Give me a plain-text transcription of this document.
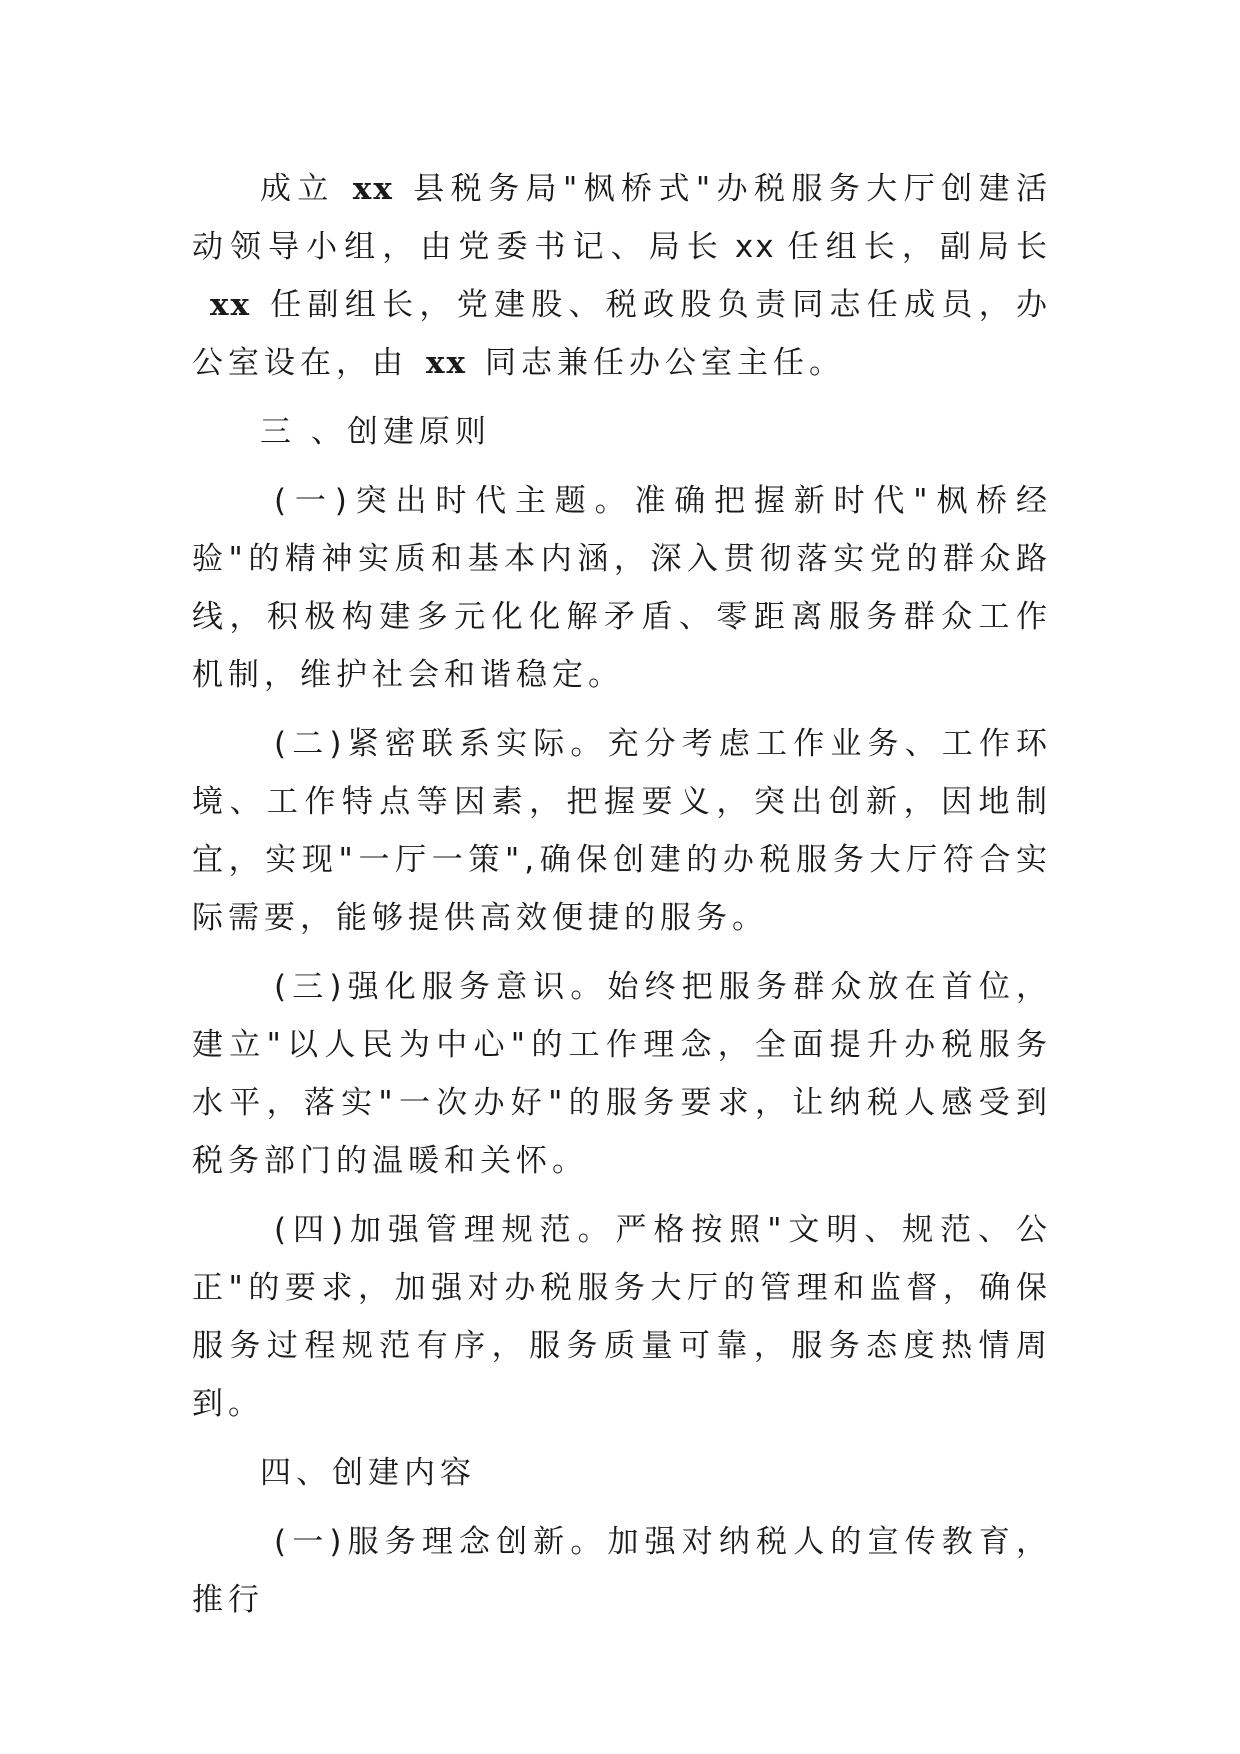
成立 xx 县税务局"枫桥式"办税服务大厅创建活动领导小组，由党委书记、局长 xx 任组长，副局长xx 任副组长，党建股、税政股负责同志任成员，办公室设在，由 xx 同志兼任办公室主任。

三 、创建原则

(一)突出时代主题。准确把握新时代"枫桥经验"的精神实质和基本内涵，深入贯彻落实党的群众路线，积极构建多元化化解矛盾、零距离服务群众工作机制，维护社会和谐稳定。

(二)紧密联系实际。充分考虑工作业务、工作环境、工作特点等因素，把握要义，突出创新，因地制宜，实现"一厅一策",确保创建的办税服务大厅符合实际需要，能够提供高效便捷的服务。

(三)强化服务意识。始终把服务群众放在首位，建立"以人民为中心"的工作理念，全面提升办税服务水平，落实"一次办好"的服务要求，让纳税人感受到税务部门的温暖和关怀。

(四)加强管理规范。严格按照"文明、规范、公正"的要求，加强对办税服务大厅的管理和监督，确保服务过程规范有序，服务质量可靠，服务态度热情周到。

四、创建内容

(一)服务理念创新。加强对纳税人的宣传教育，推行
